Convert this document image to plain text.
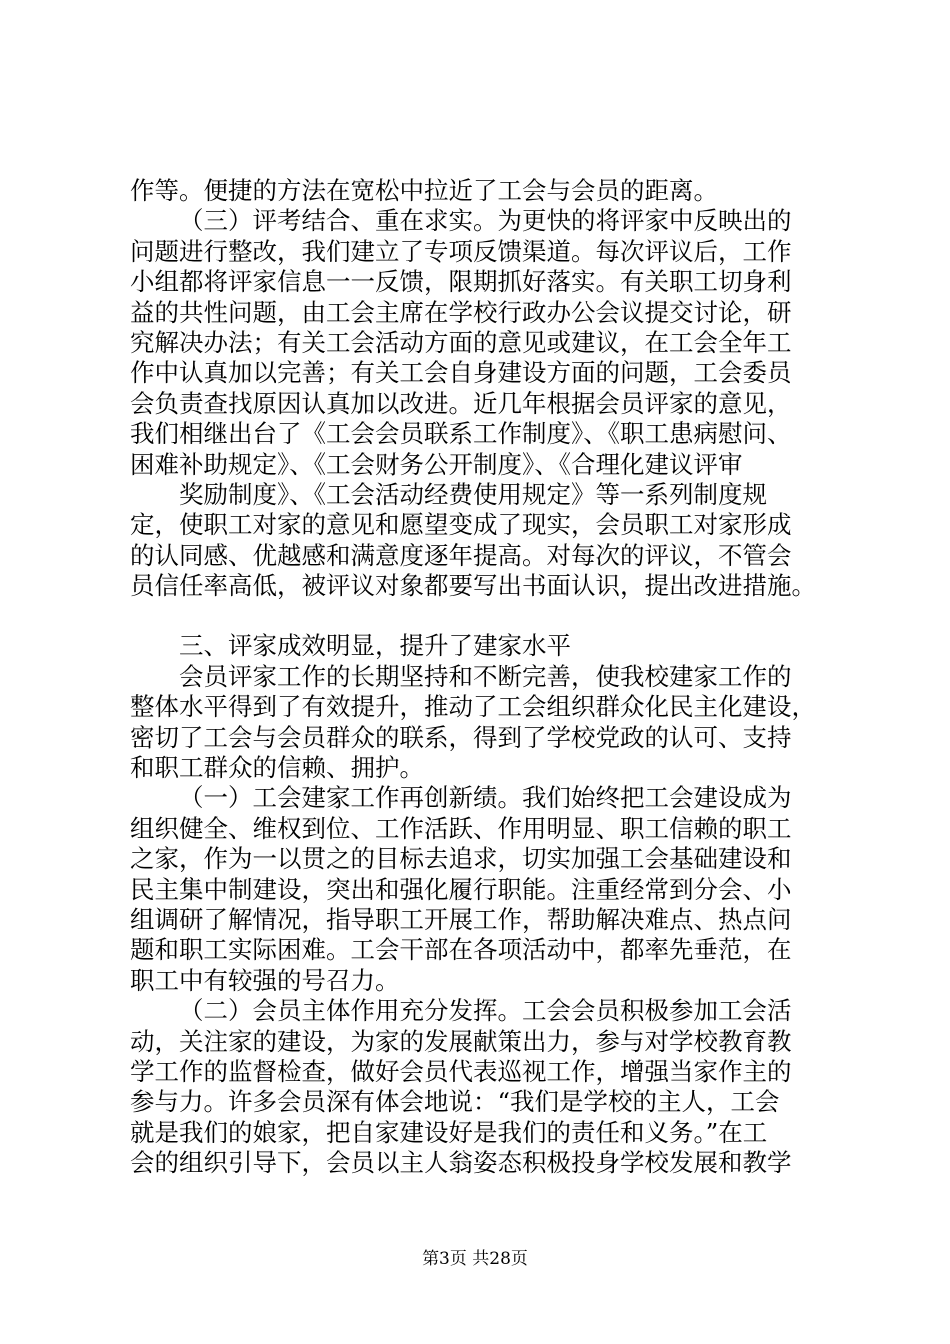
作等。便捷的方法在宽松中拉近了工会与会员的距离。
（三）评考结合、重在求实。为更快的将评家中反映出的
问题进行整改，我们建立了专项反馈渠道。每次评议后，工作
小组都将评家信息一一反馈，限期抓好落实。有关职工切身利
益的共性问题，由工会主席在学校行政办公会议提交讨论，研
究解决办法；有关工会活动方面的意见或建议，在工会全年工
作中认真加以完善；有关工会自身建设方面的问题，工会委员
会负责查找原因认真加以改进。近几年根据会员评家的意见，
我们相继出台了《工会会员联系工作制度》、《职工患病慰问、
困难补助规定》、《工会财务公开制度》、《合理化建议评审
奖励制度》、《工会活动经费使用规定》等一系列制度规
定，使职工对家的意见和愿望变成了现实，会员职工对家形成
的认同感、优越感和满意度逐年提高。对每次的评议，不管会
员信任率高低，被评议对象都要写出书面认识，提出改进措施。
三、评家成效明显，提升了建家水平
会员评家工作的长期坚持和不断完善，使我校建家工作的
整体水平得到了有效提升，推动了工会组织群众化民主化建设，
密切了工会与会员群众的联系，得到了学校党政的认可、支持
和职工群众的信赖、拥护。
（一）工会建家工作再创新绩。我们始终把工会建设成为
组织健全、维权到位、工作活跃、作用明显、职工信赖的职工
之家，作为一以贯之的目标去追求，切实加强工会基础建设和
民主集中制建设，突出和强化履行职能。注重经常到分会、小
组调研了解情况，指导职工开展工作，帮助解决难点、热点问
题和职工实际困难。工会干部在各项活动中，都率先垂范，在
职工中有较强的号召力。
（二）会员主体作用充分发挥。工会会员积极参加工会活
动，关注家的建设，为家的发展献策出力，参与对学校教育教
学工作的监督检查，做好会员代表巡视工作，增强当家作主的
参与力。许多会员深有体会地说：“我们是学校的主人，工会
就是我们的娘家，把自家建设好是我们的责任和义务。”在工
会的组织引导下，会员以主人翁姿态积极投身学校发展和教学
第3页 共28页
